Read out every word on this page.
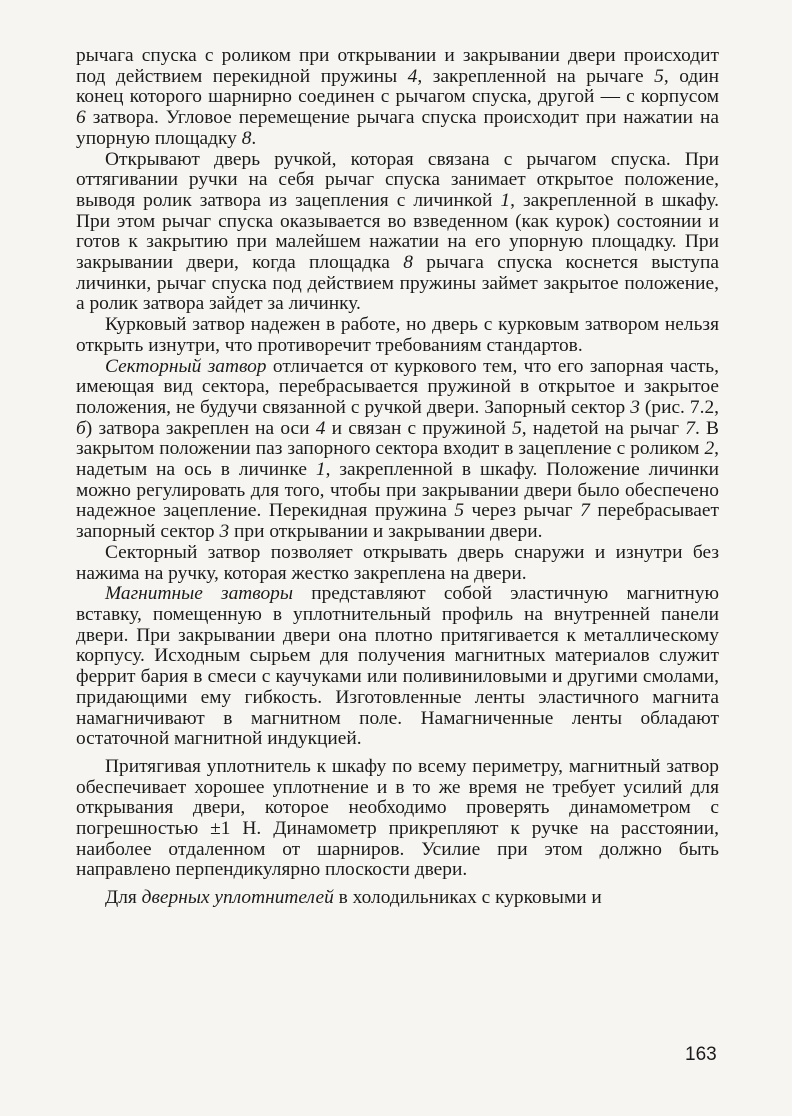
рычага спуска с роликом при открывании и закрывании двери происходит под действием перекидной пружины 4, закрепленной на рычаге 5, один конец которого шарнирно соединен с рычагом спуска, другой — с корпусом 6 затвора. Угловое перемещение рычага спуска происходит при нажатии на упорную площадку 8.

Открывают дверь ручкой, которая связана с рычагом спуска. При оттягивании ручки на себя рычаг спуска занимает открытое положение, выводя ролик затвора из зацепления с личинкой 1, закрепленной в шкафу. При этом рычаг спуска оказывается во взведенном (как курок) состоянии и готов к закрытию при малейшем нажатии на его упорную площадку. При закрывании двери, когда площадка 8 рычага спуска коснется выступа личинки, рычаг спуска под действием пружины займет закрытое положение, а ролик затвора зайдет за личинку.

Курковый затвор надежен в работе, но дверь с курковым затвором нельзя открыть изнутри, что противоречит требованиям стандартов.

Секторный затвор отличается от куркового тем, что его запорная часть, имеющая вид сектора, перебрасывается пружиной в открытое и закрытое положения, не будучи связанной с ручкой двери. Запорный сектор 3 (рис. 7.2, б) затвора закреплен на оси 4 и связан с пружиной 5, надетой на рычаг 7. В закрытом положении паз запорного сектора входит в зацепление с роликом 2, надетым на ось в личинке 1, закрепленной в шкафу. Положение личинки можно регулировать для того, чтобы при закрывании двери было обеспечено надежное зацепление. Перекидная пружина 5 через рычаг 7 перебрасывает запорный сектор 3 при открывании и закрывании двери.

Секторный затвор позволяет открывать дверь снаружи и изнутри без нажима на ручку, которая жестко закреплена на двери.

Магнитные затворы представляют собой эластичную магнитную вставку, помещенную в уплотнительный профиль на внутренней панели двери. При закрывании двери она плотно притягивается к металлическому корпусу. Исходным сырьем для получения магнитных материалов служит феррит бария в смеси с каучуками или поливиниловыми и другими смолами, придающими ему гибкость. Изготовленные ленты эластичного магнита намагничивают в магнитном поле. Намагниченные ленты обладают остаточной магнитной индукцией.

Притягивая уплотнитель к шкафу по всему периметру, магнитный затвор обеспечивает хорошее уплотнение и в то же время не требует усилий для открывания двери, которое необходимо проверять динамометром с погрешностью ±1 Н. Динамометр прикрепляют к ручке на расстоянии, наиболее отдаленном от шарниров. Усилие при этом должно быть направлено перпендикулярно плоскости двери.

Для дверных уплотнителей в холодильниках с курковыми и

163
